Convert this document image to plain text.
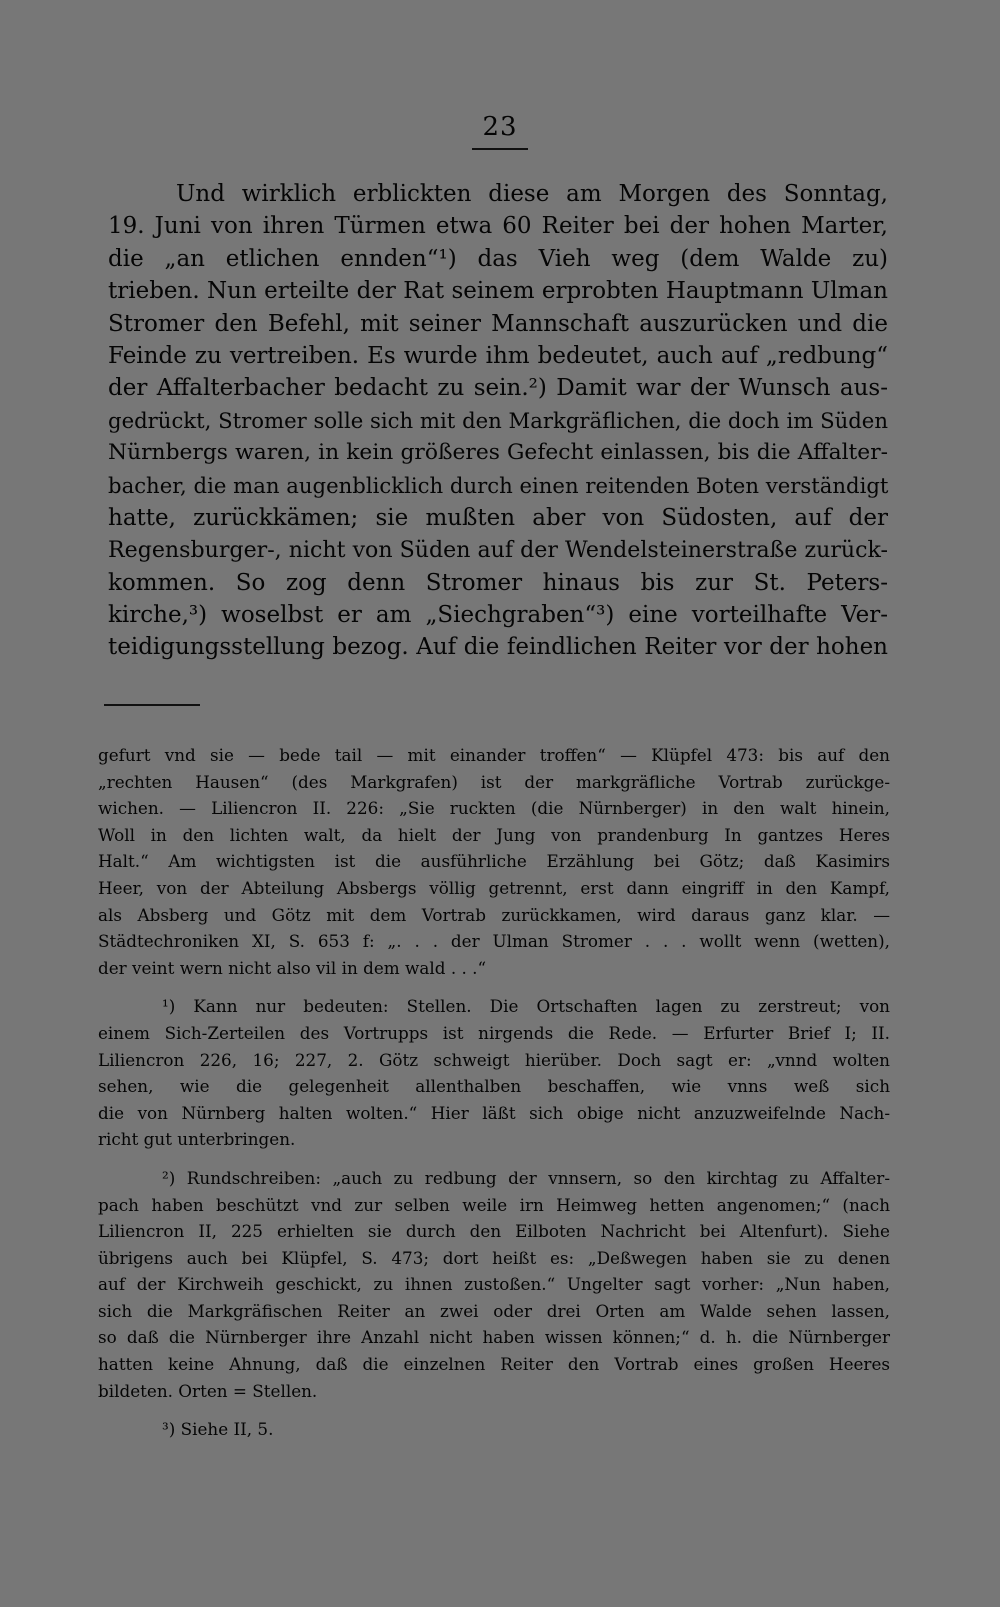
23
Und wirklich erblickten diese am Morgen des Sonntag,
19. Juni von ihren Türmen etwa 60 Reiter bei der hohen Marter,
die „an etlichen ennden“¹) das Vieh weg (dem Walde zu)
trieben. Nun erteilte der Rat seinem erprobten Hauptmann Ulman
Stromer den Befehl, mit seiner Mannschaft auszurücken und die
Feinde zu vertreiben. Es wurde ihm bedeutet, auch auf „redbung“
der Affalterbacher bedacht zu sein.²) Damit war der Wunsch aus-
gedrückt, Stromer solle sich mit den Markgräflichen, die doch im Süden
Nürnbergs waren, in kein größeres Gefecht einlassen, bis die Affalter-
bacher, die man augenblicklich durch einen reitenden Boten verständigt
hatte, zurückkämen; sie mußten aber von Südosten, auf der
Regensburger-, nicht von Süden auf der Wendelsteinerstraße zurück-
kommen. So zog denn Stromer hinaus bis zur St. Peters-
kirche,³) woselbst er am „Siechgraben“³) eine vorteilhafte Ver-
teidigungsstellung bezog. Auf die feindlichen Reiter vor der hohen
gefurt vnd sie — bede tail — mit einander troffen“ — Klüpfel 473: bis auf den
„rechten Hausen“ (des Markgrafen) ist der markgräfliche Vortrab zurückge-
wichen. — Liliencron II. 226: „Sie ruckten (die Nürnberger) in den walt hinein,
Woll in den lichten walt, da hielt der Jung von prandenburg In gantzes Heres
Halt.“ Am wichtigsten ist die ausführliche Erzählung bei Götz; daß Kasimirs
Heer, von der Abteilung Absbergs völlig getrennt, erst dann eingriff in den Kampf,
als Absberg und Götz mit dem Vortrab zurückkamen, wird daraus ganz klar. —
Städtechroniken XI, S. 653 f: „. . . der Ulman Stromer . . . wollt wenn (wetten),
der veint wern nicht also vil in dem wald . . .“
¹) Kann nur bedeuten: Stellen. Die Ortschaften lagen zu zerstreut; von
einem Sich-Zerteilen des Vortrupps ist nirgends die Rede. — Erfurter Brief I; II.
Liliencron 226, 16; 227, 2. Götz schweigt hierüber. Doch sagt er: „vnnd wolten
sehen, wie die gelegenheit allenthalben beschaffen, wie vnns weß sich
die von Nürnberg halten wolten.“ Hier läßt sich obige nicht anzuzweifelnde Nach-
richt gut unterbringen.
²) Rundschreiben: „auch zu redbung der vnnsern, so den kirchtag zu Affalter-
pach haben beschützt vnd zur selben weile irn Heimweg hetten angenomen;“ (nach
Liliencron II, 225 erhielten sie durch den Eilboten Nachricht bei Altenfurt). Siehe
übrigens auch bei Klüpfel, S. 473; dort heißt es: „Deßwegen haben sie zu denen
auf der Kirchweih geschickt, zu ihnen zustoßen.“ Ungelter sagt vorher: „Nun haben,
sich die Markgräfischen Reiter an zwei oder drei Orten am Walde sehen lassen,
so daß die Nürnberger ihre Anzahl nicht haben wissen können;“ d. h. die Nürnberger
hatten keine Ahnung, daß die einzelnen Reiter den Vortrab eines großen Heeres
bildeten. Orten = Stellen.
³) Siehe II, 5.
